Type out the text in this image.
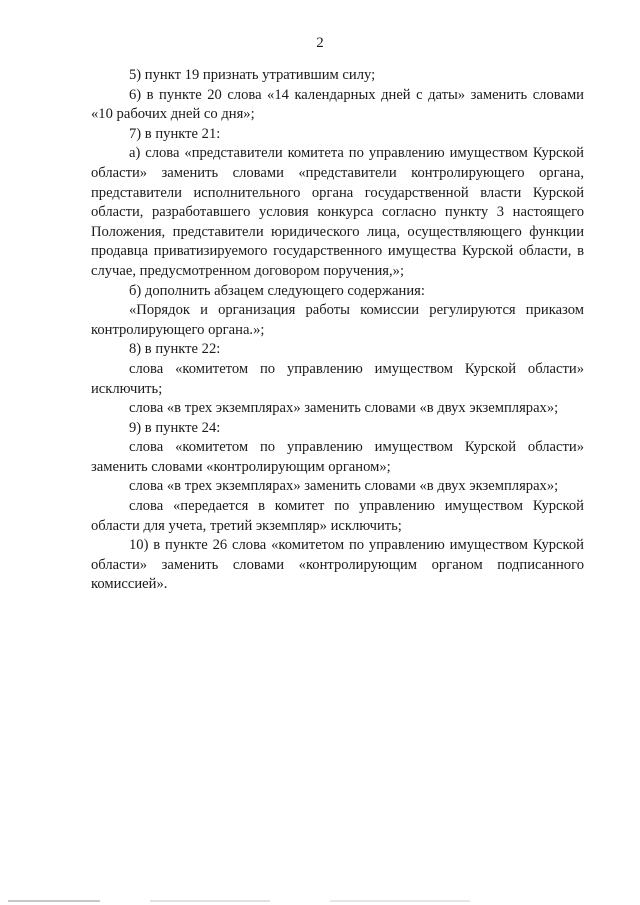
2

5) пункт 19 признать утратившим силу;

6) в пункте 20 слова «14 календарных дней с даты» заменить словами «10 рабочих дней со дня»;

7) в пункте 21:

а) слова «представители комитета по управлению имуществом Курской области» заменить словами «представители контролирующего органа, представители исполнительного органа государственной власти Курской области, разработавшего условия конкурса согласно пункту 3 настоящего Положения, представители юридического лица, осуществляющего функции продавца приватизируемого государственного имущества Курской области, в случае, предусмотренном договором поручения,»;

б) дополнить абзацем следующего содержания:

«Порядок и организация работы комиссии регулируются приказом контролирующего органа.»;

8) в пункте 22:

слова «комитетом по управлению имуществом Курской области» исключить;

слова «в трех экземплярах» заменить словами «в двух экземплярах»;

9) в пункте 24:

слова «комитетом по управлению имуществом Курской области» заменить словами «контролирующим органом»;

слова «в трех экземплярах» заменить словами «в двух экземплярах»;

слова «передается в комитет по управлению имуществом Курской области для учета, третий экземпляр» исключить;

10) в пункте 26 слова «комитетом по управлению имуществом Курской области» заменить словами «контролирующим органом подписанного комиссией».
